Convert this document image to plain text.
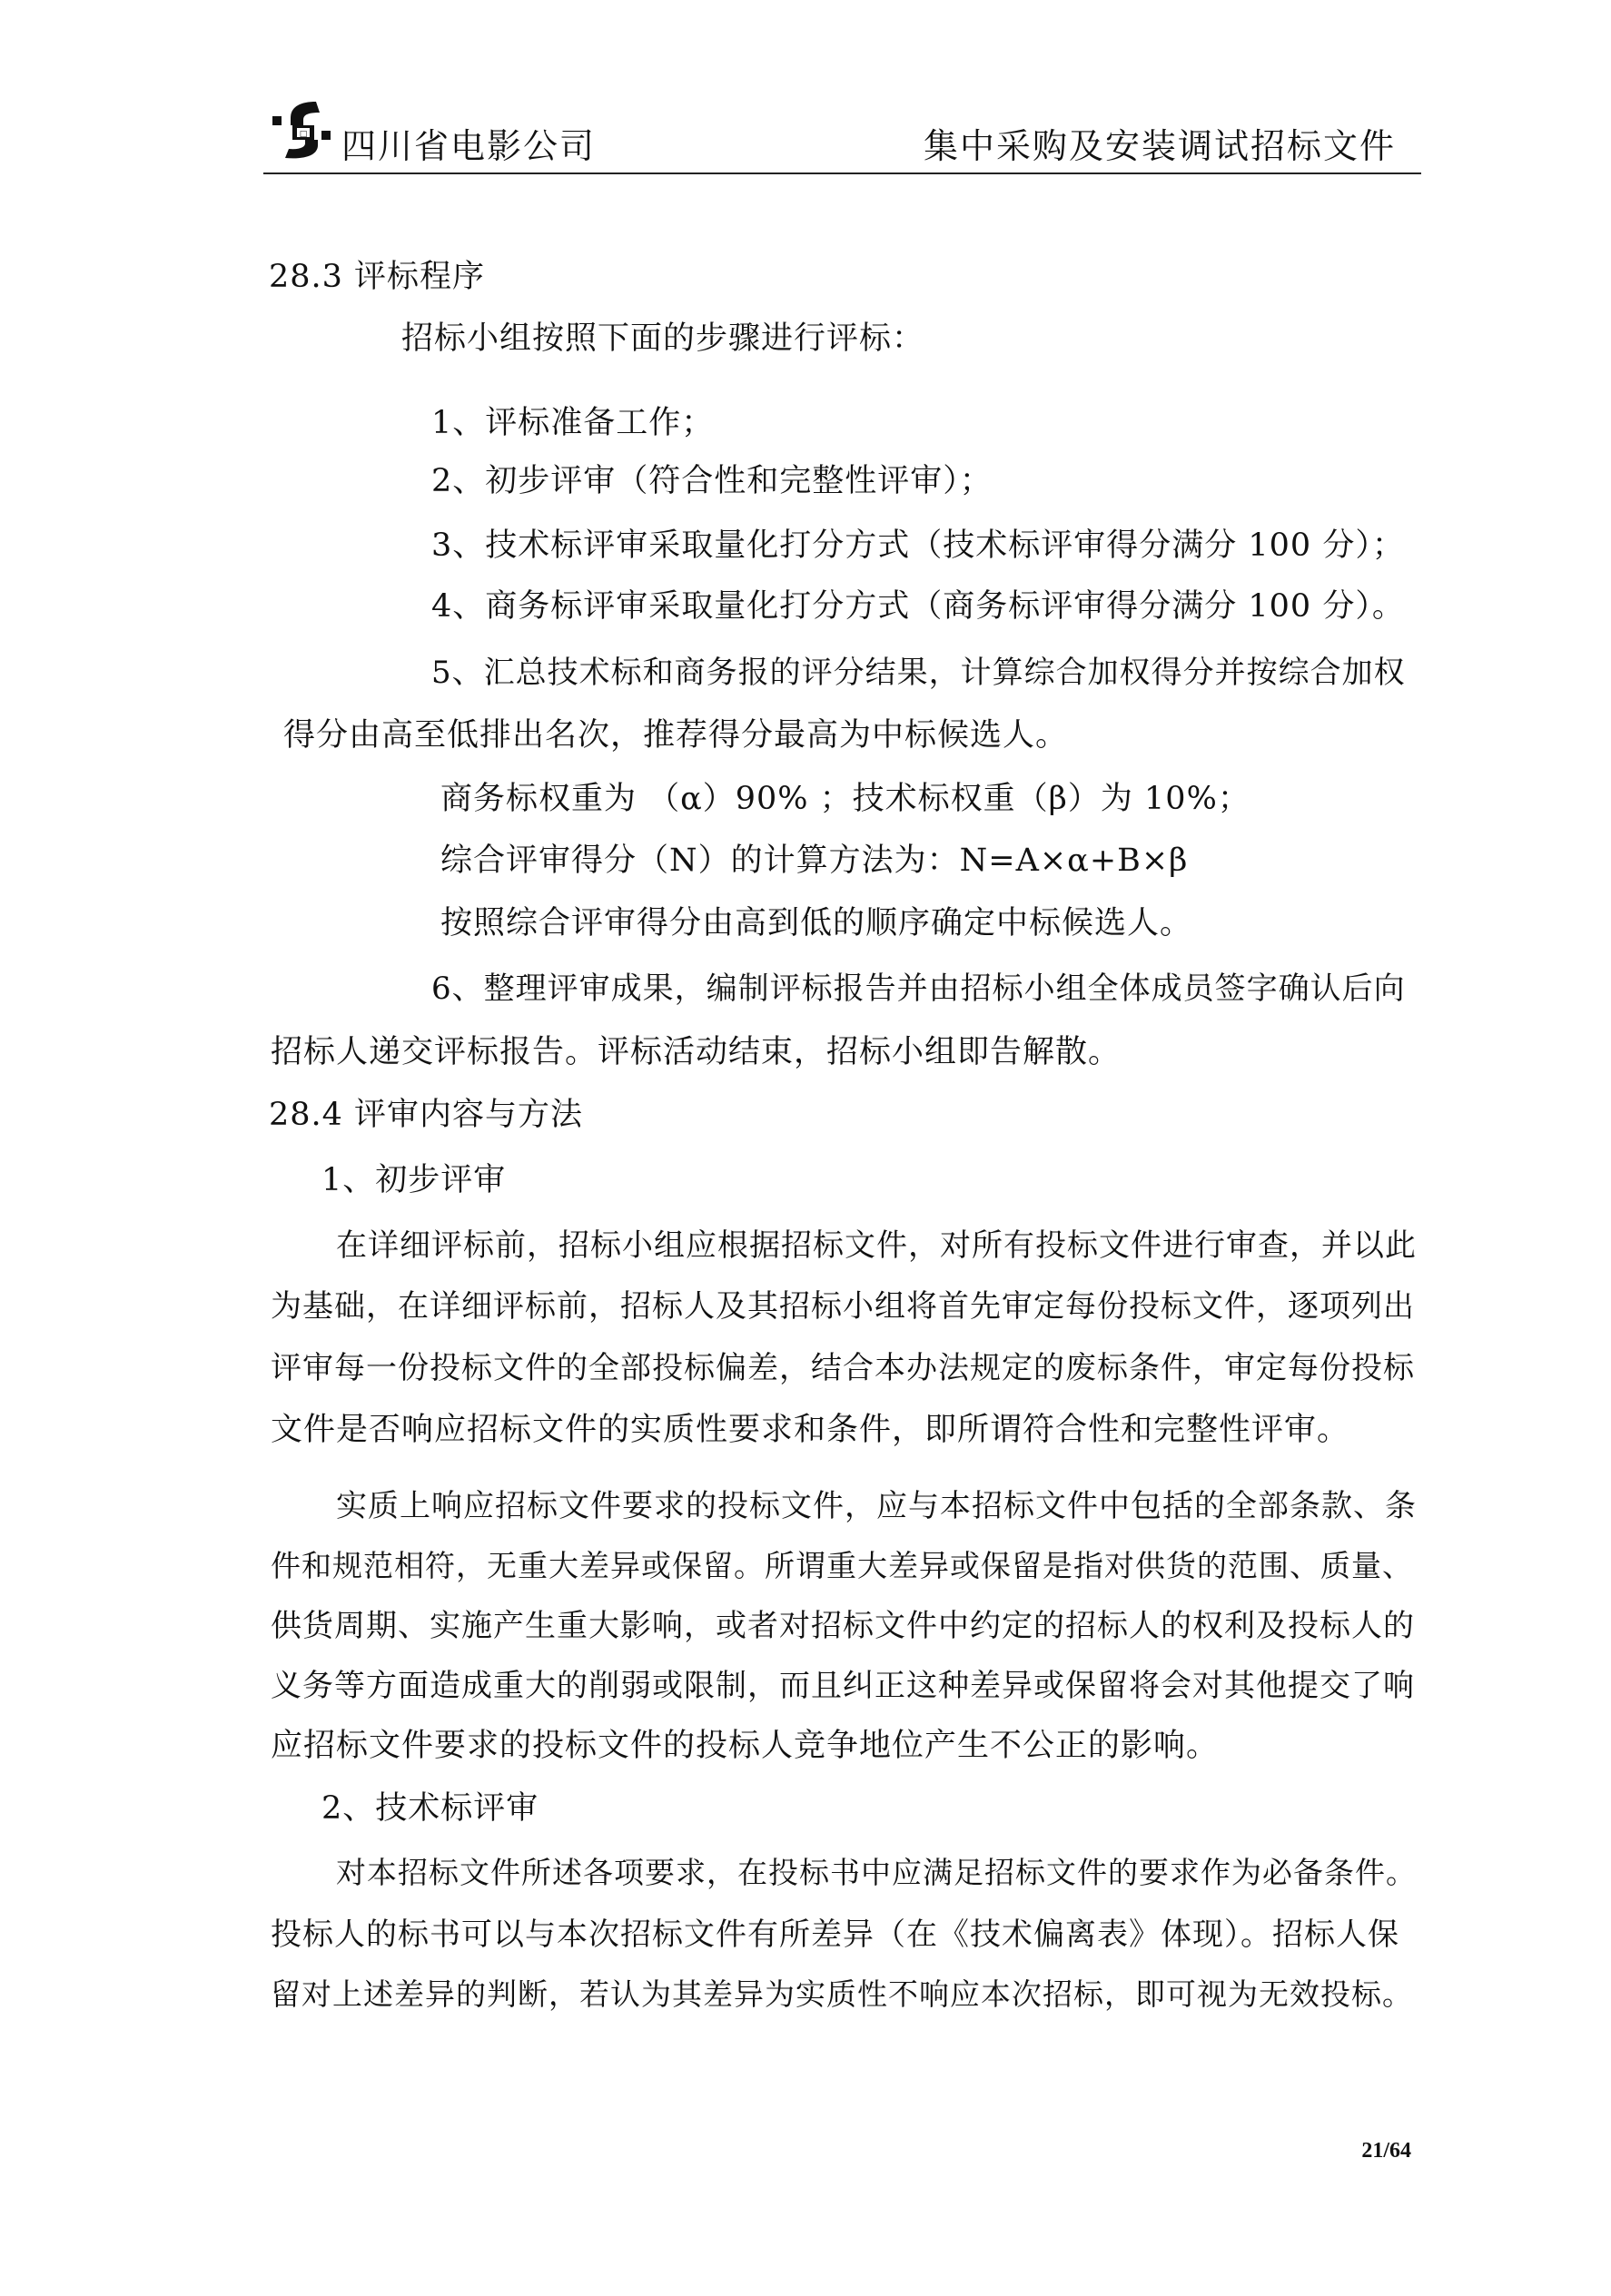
□ 四川省电影公司	集中采购及安装调试招标文件
28.3 评标程序
招标小组按照下面的步骤进行评标：
1、评标准备工作；
2、初步评审（符合性和完整性评审）；
3、技术标评审采取量化打分方式（技术标评审得分满分 100 分）；
4、商务标评审采取量化打分方式（商务标评审得分满分 100 分）。
5、汇总技术标和商务报的评分结果，计算综合加权得分并按综合加权
得分由高至低排出名次，推荐得分最高为中标候选人。
商务标权重为 （α）90% ；技术标权重（β）为 10%；
综合评审得分（N）的计算方法为：N=A×α+B×β
按照综合评审得分由高到低的顺序确定中标候选人。
6、整理评审成果，编制评标报告并由招标小组全体成员签字确认后向
招标人递交评标报告。评标活动结束，招标小组即告解散。
28.4 评审内容与方法
1、初步评审
在详细评标前，招标小组应根据招标文件，对所有投标文件进行审查，并以此
为基础，在详细评标前，招标人及其招标小组将首先审定每份投标文件，逐项列出
评审每一份投标文件的全部投标偏差，结合本办法规定的废标条件，审定每份投标
文件是否响应招标文件的实质性要求和条件，即所谓符合性和完整性评审。
实质上响应招标文件要求的投标文件，应与本招标文件中包括的全部条款、条
件和规范相符，无重大差异或保留。所谓重大差异或保留是指对供货的范围、质量、
供货周期、实施产生重大影响，或者对招标文件中约定的招标人的权利及投标人的
义务等方面造成重大的削弱或限制，而且纠正这种差异或保留将会对其他提交了响
应招标文件要求的投标文件的投标人竞争地位产生不公正的影响。
2、技术标评审
对本招标文件所述各项要求，在投标书中应满足招标文件的要求作为必备条件。
投标人的标书可以与本次招标文件有所差异（在《技术偏离表》体现）。招标人保
留对上述差异的判断，若认为其差异为实质性不响应本次招标，即可视为无效投标。
21/64
